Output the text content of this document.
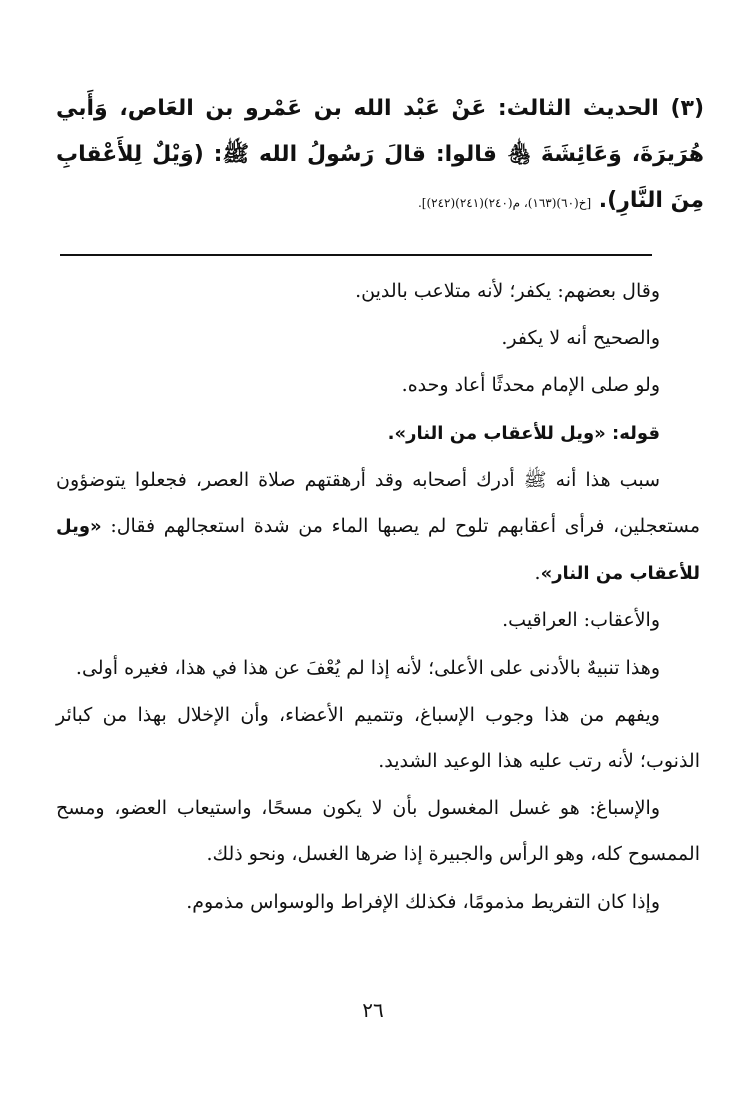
(٣) الحديث الثالث: عَنْ عَبْد الله بن عَمْرو بن العَاص، وَأَبي هُرَيرَةَ، وَعَائِشَةَ ﵃ قالوا: قالَ رَسُولُ الله ﷺ: (وَيْلٌ لِلأَعْقابِ مِنَ النَّارِ). [خ(٦٠)(١٦٣)، م(٢٤٠)(٢٤١)(٢٤٢)].

وقال بعضهم: يكفر؛ لأنه متلاعب بالدين.

والصحيح أنه لا يكفر.

ولو صلى الإمام محدثًا أعاد وحده.

قوله: «ويل للأعقاب من النار».

سبب هذا أنه ﷺ أدرك أصحابه وقد أرهقتهم صلاة العصر، فجعلوا يتوضؤون مستعجلين، فرأى أعقابهم تلوح لم يصبها الماء من شدة استعجالهم فقال: «ويل للأعقاب من النار».

والأعقاب: العراقيب.

وهذا تنبيهٌ بالأدنى على الأعلى؛ لأنه إذا لم يُعْفَ عن هذا في هذا، فغيره أولى.

ويفهم من هذا وجوب الإسباغ، وتتميم الأعضاء، وأن الإخلال بهذا من كبائر الذنوب؛ لأنه رتب عليه هذا الوعيد الشديد.

والإسباغ: هو غسل المغسول بأن لا يكون مسحًا، واستيعاب العضو، ومسح الممسوح كله، وهو الرأس والجبيرة إذا ضرها الغسل، ونحو ذلك.

وإذا كان التفريط مذمومًا، فكذلك الإفراط والوسواس مذموم.

٢٦
